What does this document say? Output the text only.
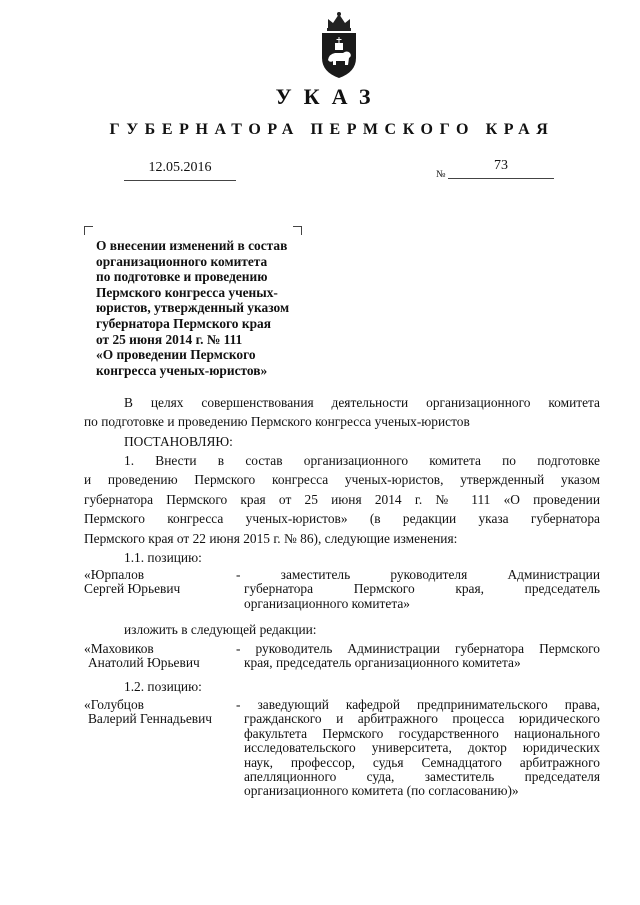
УКАЗ
ГУБЕРНАТОРА ПЕРМСКОГО КРАЯ
12.05.2016	№
73
О внесении изменений в состав
организационного комитета
по подготовке и проведению
Пермского конгресса ученых-
юристов, утвержденный указом
губернатора Пермского края
от 25 июня 2014 г. № 111
«О проведении Пермского
конгресса ученых-юристов»
В целях совершенствования деятельности организационного комитета
по подготовке и проведению Пермского конгресса ученых-юристов
ПОСТАНОВЛЯЮ:
1. Внести в состав организационного комитета по подготовке
и проведению Пермского конгресса ученых-юристов, утвержденный указом
губернатора Пермского края от 25 июня 2014 г. № 111 «О проведении
Пермского конгресса ученых-юристов» (в редакции указа губернатора
Пермского края от 22 июня 2015 г. № 86), следующие изменения:
1.1. позицию:
«Юрпалов
Сергей Юрьевич
-	заместитель руководителя Администрации
губернатора Пермского края, председатель
организационного комитета»
изложить в следующей редакции:
«Маховиков
Анатолий Юрьевич
- руководитель Администрации губернатора Пермского
края, председатель организационного комитета»
1.2. позицию:
«Голубцов
Валерий Геннадьевич
- заведующий кафедрой предпринимательского права,
гражданского и арбитражного процесса юридического
факультета Пермского государственного национального
исследовательского университета, доктор юридических
наук, профессор, судья Семнадцатого арбитражного
апелляционного суда, заместитель председателя
организационного комитета (по согласованию)»
